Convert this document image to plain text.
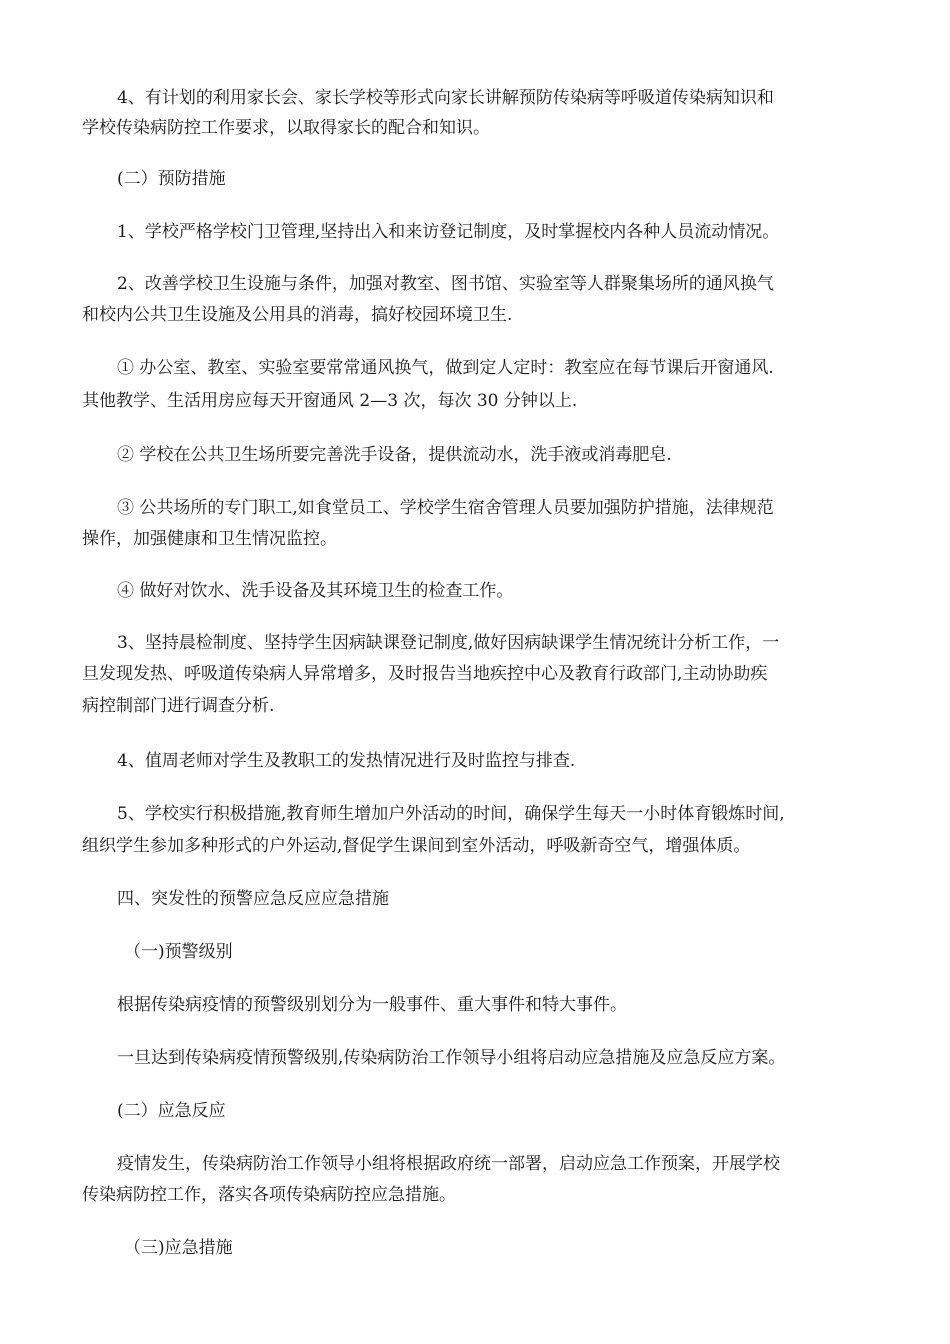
4、有计划的利用家长会、家长学校等形式向家长讲解预防传染病等呼吸道传染病知识和
学校传染病防控工作要求，以取得家长的配合和知识。
(二）预防措施
1、学校严格学校门卫管理,坚持出入和来访登记制度，及时掌握校内各种人员流动情况。
2、改善学校卫生设施与条件，加强对教室、图书馆、实验室等人群聚集场所的通风换气
和校内公共卫生设施及公用具的消毒，搞好校园环境卫生.
① 办公室、教室、实验室要常常通风换气，做到定人定时：教室应在每节课后开窗通风.
其他教学、生活用房应每天开窗通风 2—3 次，每次 30 分钟以上.
② 学校在公共卫生场所要完善洗手设备，提供流动水，洗手液或消毒肥皂.
③ 公共场所的专门职工,如食堂员工、学校学生宿舍管理人员要加强防护措施，法律规范
操作，加强健康和卫生情况监控。
④ 做好对饮水、洗手设备及其环境卫生的检查工作。
3、坚持晨检制度、坚持学生因病缺课登记制度,做好因病缺课学生情况统计分析工作，一
旦发现发热、呼吸道传染病人异常增多，及时报告当地疾控中心及教育行政部门,主动协助疾
病控制部门进行调查分析.
4、值周老师对学生及教职工的发热情况进行及时监控与排查.
5、学校实行积极措施,教育师生增加户外活动的时间，确保学生每天一小时体育锻炼时间,
组织学生参加多种形式的户外运动,督促学生课间到室外活动，呼吸新奇空气，增强体质。
四、突发性的预警应急反应应急措施
（一)预警级别
根据传染病疫情的预警级别划分为一般事件、重大事件和特大事件。
一旦达到传染病疫情预警级别,传染病防治工作领导小组将启动应急措施及应急反应方案。
(二）应急反应
疫情发生，传染病防治工作领导小组将根据政府统一部署，启动应急工作预案，开展学校
传染病防控工作，落实各项传染病防控应急措施。
（三)应急措施
